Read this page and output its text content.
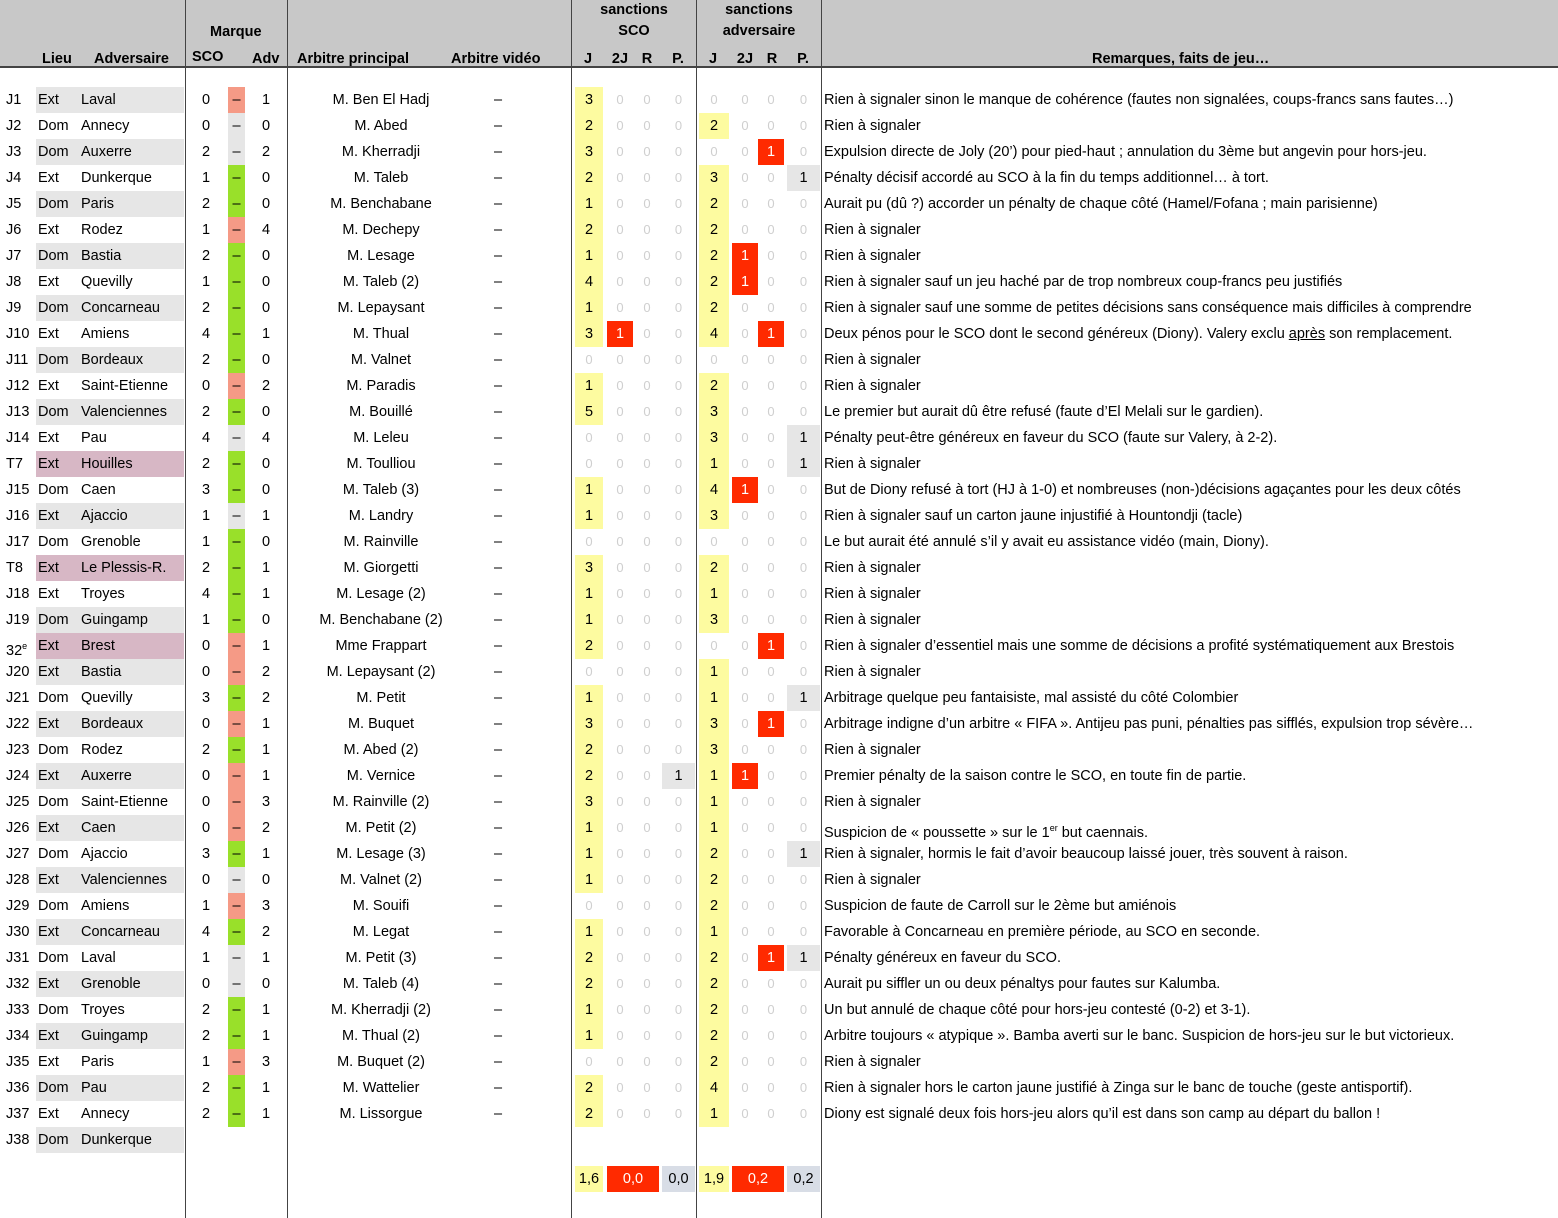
Lieu Adversaire
Marque
SCO Adv Arbitre principal	Arbitre vidéo
sanctions
SCO
sanctions
adversaire
J	2J R	P.	J	2J R	P.	Remarques, faits de jeu…
J1	Ext	Laval	0	–	1	M. Ben El Hadj	–	3	0	0	0	0	0	0	0	Rien à signaler sinon le manque de cohérence (fautes non signalées, coups-francs sans fautes…)
J2	Dom Annecy	0	–	0	M. Abed	–	2	0	0	0	2	0	0	0	Rien à signaler
J3	Dom Auxerre	2	–	2	M. Kherradji	–	3	0	0	0	0	0	1	0	Expulsion directe de Joly (20’) pour pied-haut ; annulation du 3ème but angevin pour hors-jeu.
J4	Ext	Dunkerque	1	–	0	M. Taleb	–	2	0	0	0	3	0	0	1	Pénalty décisif accordé au SCO à la fin du temps additionnel… à tort.
J5	Dom Paris	2	–	0	M. Benchabane	–	1	0	0	0	2	0	0	0	Aurait pu (dû ?) accorder un pénalty de chaque côté (Hamel/Fofana ; main parisienne)
J6	Ext	Rodez	1	–	4	M. Dechepy	–	2	0	0	0	2	0	0	0	Rien à signaler
J7	Dom Bastia	2	–	0	M. Lesage	–	1	0	0	0	2	1	0	0	Rien à signaler
J8	Ext	Quevilly	1	–	0	M. Taleb (2)	–	4	0	0	0	2	1	0	0	Rien à signaler sauf un jeu haché par de trop nombreux coup-francs peu justifiés
J9	Dom Concarneau	2	–	0	M. Lepaysant	–	1	0	0	0	2	0	0	0	Rien à signaler sauf une somme de petites décisions sans conséquence mais difficiles à comprendre
J10 Ext	Amiens	4	–	1	M. Thual	–	3	1	0	0	4	0	1	0	Deux pénos pour le SCO dont le second généreux (Diony). Valery exclu après son remplacement.
J11 Dom Bordeaux	2	–	0	M. Valnet	–	0	0	0	0	0	0	0	0	Rien à signaler
J12 Ext	Saint-Etienne	0	–	2	M. Paradis	–	1	0	0	0	2	0	0	0	Rien à signaler
J13 Dom Valenciennes	2	–	0	M. Bouillé	–	5	0	0	0	3	0	0	0	Le premier but aurait dû être refusé (faute d’El Melali sur le gardien).
J14 Ext	Pau	4	–	4	M. Leleu	–	0	0	0	0	3	0	0	1	Pénalty peut-être généreux en faveur du SCO (faute sur Valery, à 2-2).
T7	Ext	Houilles	2	–	0	M. Toulliou	–	0	0	0	0	1	0	0	1	Rien à signaler
J15 Dom Caen	3	–	0	M. Taleb (3)	–	1	0	0	0	4	1	0	0	But de Diony refusé à tort (HJ à 1-0) et nombreuses (non-)décisions agaçantes pour les deux côtés
J16 Ext	Ajaccio	1	–	1	M. Landry	–	1	0	0	0	3	0	0	0	Rien à signaler sauf un carton jaune injustifié à Hountondji (tacle)
J17 Dom Grenoble	1	–	0	M. Rainville	–	0	0	0	0	0	0	0	0	Le but aurait été annulé s’il y avait eu assistance vidéo (main, Diony).
T8	Ext	Le Plessis-R.	2	–	1	M. Giorgetti	–	3	0	0	0	2	0	0	0	Rien à signaler
J18 Ext	Troyes	4	–	1	M. Lesage (2)	–	1	0	0	0	1	0	0	0	Rien à signaler
J19 Dom Guingamp	1	–	0	M. Benchabane (2)	–	1	0	0	0	3	0	0	0	Rien à signaler
32e Ext	Brest	0	–	1	Mme Frappart	–	2	0	0	0	0	0	1	0	Rien à signaler d’essentiel mais une somme de décisions a profité systématiquement aux Brestois
J20 Ext	Bastia	0	–	2	M. Lepaysant (2)	–	0	0	0	0	1	0	0	0	Rien à signaler
J21 Dom Quevilly	3	–	2	M. Petit	–	1	0	0	0	1	0	0	1	Arbitrage quelque peu fantaisiste, mal assisté du côté Colombier
J22 Ext	Bordeaux	0	–	1	M. Buquet	–	3	0	0	0	3	0	1	0	Arbitrage indigne d’un arbitre « FIFA ». Antijeu pas puni, pénalties pas sifflés, expulsion trop sévère…
J23 Dom Rodez	2	–	1	M. Abed (2)	–	2	0	0	0	3	0	0	0	Rien à signaler
J24 Ext	Auxerre	0	–	1	M. Vernice	–	2	0	0	1	1	1	0	0	Premier pénalty de la saison contre le SCO, en toute fin de partie.
J25 Dom Saint-Etienne	0	–	3	M. Rainville (2)	–	3	0	0	0	1	0	0	0	Rien à signaler
J26 Ext	Caen	0	–	2	M. Petit (2)	–	1	0	0	0	1	0	0	0	Suspicion de « poussette » sur le 1er but caennais.
J27 Dom Ajaccio	3	–	1	M. Lesage (3)	–	1	0	0	0	2	0	0	1	Rien à signaler, hormis le fait d’avoir beaucoup laissé jouer, très souvent à raison.
J28 Ext	Valenciennes	0	–	0	M. Valnet (2)	–	1	0	0	0	2	0	0	0	Rien à signaler
J29 Dom Amiens	1	–	3	M. Souifi	–	0	0	0	0	2	0	0	0	Suspicion de faute de Carroll sur le 2ème but amiénois
J30 Ext	Concarneau	4	–	2	M. Legat	–	1	0	0	0	1	0	0	0	Favorable à Concarneau en première période, au SCO en seconde.
J31 Dom Laval	1	–	1	M. Petit (3)	–	2	0	0	0	2	0	1	1	Pénalty généreux en faveur du SCO.
J32 Ext	Grenoble	0	–	0	M. Taleb (4)	–	2	0	0	0	2	0	0	0	Aurait pu siffler un ou deux pénaltys pour fautes sur Kalumba.
J33 Dom Troyes	2	–	1	M. Kherradji (2)	–	1	0	0	0	2	0	0	0	Un but annulé de chaque côté pour hors-jeu contesté (0-2) et 3-1).
J34 Ext	Guingamp	2	–	1	M. Thual (2)	–	1	0	0	0	2	0	0	0	Arbitre toujours « atypique ». Bamba averti sur le banc. Suspicion de hors-jeu sur le but victorieux.
J35 Ext	Paris	1	–	3	M. Buquet (2)	–	0	0	0	0	2	0	0	0	Rien à signaler
J36 Dom Pau	2	–	1	M. Wattelier	–	2	0	0	0	4	0	0	0	Rien à signaler hors le carton jaune justifié à Zinga sur le banc de touche (geste antisportif).
J37 Ext	Annecy	2	–	1	M. Lissorgue	–	2	0	0	0	1	0	0	0	Diony est signalé deux fois hors-jeu alors qu’il est dans son camp au départ du ballon !
J38 Dom Dunkerque
1,6	0,0	0,0	1,9	0,2	0,2
